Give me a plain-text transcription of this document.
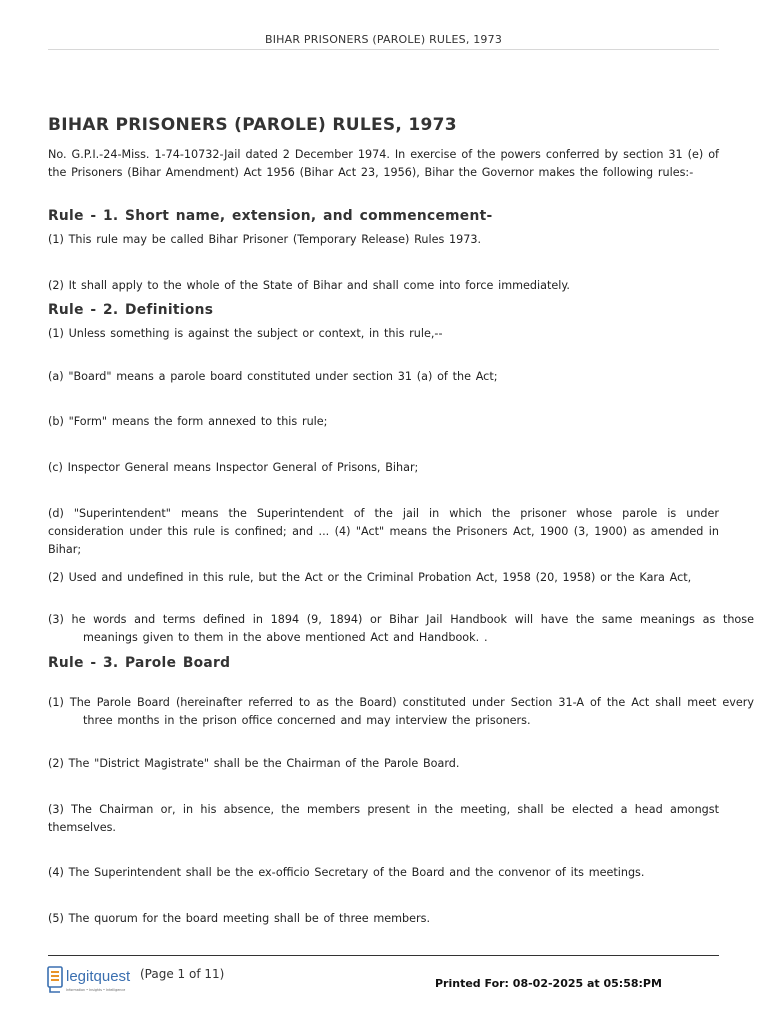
BIHAR PRISONERS (PAROLE) RULES, 1973
BIHAR PRISONERS (PAROLE) RULES, 1973

No. G.P.I.-24-Miss. 1-74-10732-Jail dated 2 December 1974. In exercise of the powers conferred by section 31 (e) of the Prisoners (Bihar Amendment) Act 1956 (Bihar Act 23, 1956), Bihar the Governor makes the following rules:-

Rule - 1. Short name, extension, and commencement-

(1) This rule may be called Bihar Prisoner (Temporary Release) Rules 1973.

(2) It shall apply to the whole of the State of Bihar and shall come into force immediately.

Rule - 2. Definitions

(1) Unless something is against the subject or context, in this rule,--

(a) "Board" means a parole board constituted under section 31 (a) of the Act;

(b) "Form" means the form annexed to this rule;

(c) Inspector General means Inspector General of Prisons, Bihar;

(d) "Superintendent" means the Superintendent of the jail in which the prisoner whose parole is under consideration under this rule is confined; and ... (4) "Act" means the Prisoners Act, 1900 (3, 1900) as amended in Bihar;

(2) Used and undefined in this rule, but the Act or the Criminal Probation Act, 1958 (20, 1958) or the Kara Act,

(3) he words and terms defined in 1894 (9, 1894) or Bihar Jail Handbook will have the same meanings as those meanings given to them in the above mentioned Act and Handbook. .

Rule - 3. Parole Board

(1) The Parole Board (hereinafter referred to as the Board) constituted under Section 31-A of the Act shall meet every three months in the prison office concerned and may interview the prisoners.

(2) The "District Magistrate" shall be the Chairman of the Parole Board.

(3) The Chairman or, in his absence, the members present in the meeting, shall be elected a head amongst themselves.

(4) The Superintendent shall be the ex-officio Secretary of the Board and the convenor of its meetings.

(5) The quorum for the board meeting shall be of three members.

legitquest
Information • Insights • Intelligence
(Page 1 of 11)
Printed For: 08-02-2025 at 05:58:PM
